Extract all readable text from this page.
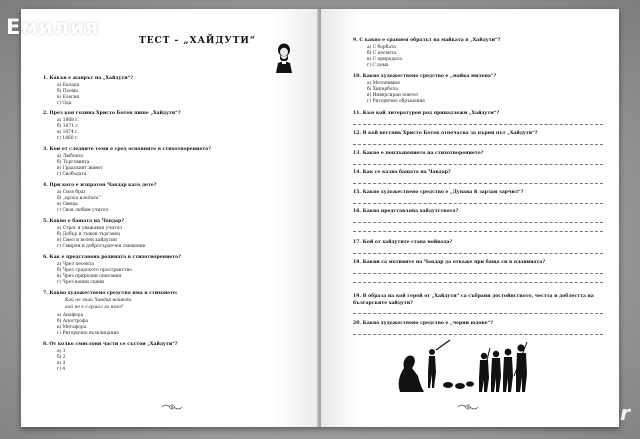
Емилия
ТЕСТ - „ХАЙДУТИ“
1. Какъв е жанрът на „Хайдути“?
а) Балада
б) Поема
в) Елегия
г) Ода
2. През коя година Христо Ботев пише „Хайдути“?
а) 1868 г.
б) 1871 г.
в) 1874 г.
г) 1860 г.
3. Кои от следните теми е сред основните в стихотворението?
а) Любовта
б) Търговията
в) Градският живот
г) Свободата
4. При кого е изпратен Чавдар като дете?
а) Своя брат
б) „вуйка владика“
в) Свеща
г) Своя любим учител
5. Какво е бащата на Чавдар?
а) Строг и уважаван учител
б) Добър и тъжен търговец
в) Смел и волен хайдутин
г) Смирен и добросърдечен свещеник
6. Как е представена родината в стихотворението?
а) Чрез песента
б) Чрез градското пространство
в) Чрез природни описания
г) Чрез вонни сцени
7. Какво художествено средство има в стиховете:
Кой не знай Чавдар войвода,
кой не е слушал за него?
а) Анафора
б) Апострофа
в) Метафора
г) Риторично възклицание
8. От колко смислови части се състои „Хайдути“?
а) 1
б) 2
в) 3
г) 4
8
9. С какво е сравнен образът на майката в „Хайдути“?
а) С борбата
б) С песента
в) С природата
г) С дома
10. Какво художествено средство е „майка милена“?
а) Метонимия
б) Хипербола
в) Инверсиран епитет
г) Риторично обръщение
11. Към кой литературен род принадлежи „Хайдути“?
12. В кой вестник Христо Ботев отпечатва за първи път „Хайдути“?
13. Какво е поплъщението на стихотворението?
14. Как се казва бащата на Чавдар?
15. Какво художествено средство е „Дунава й зарзаи зарчил“?
16. Какво представлява хайдутството?
17. Кой от хайдутите става войвода?
18. Какви са мотивите на Чавдар да откаже при баща си в планината?
19. В образа на кой герой от „Хайдути“ са събрани достойнството, честта и доблестта на българските хайдути?
20. Какво художествено средство е „черни юдове“?
9	Bazar
